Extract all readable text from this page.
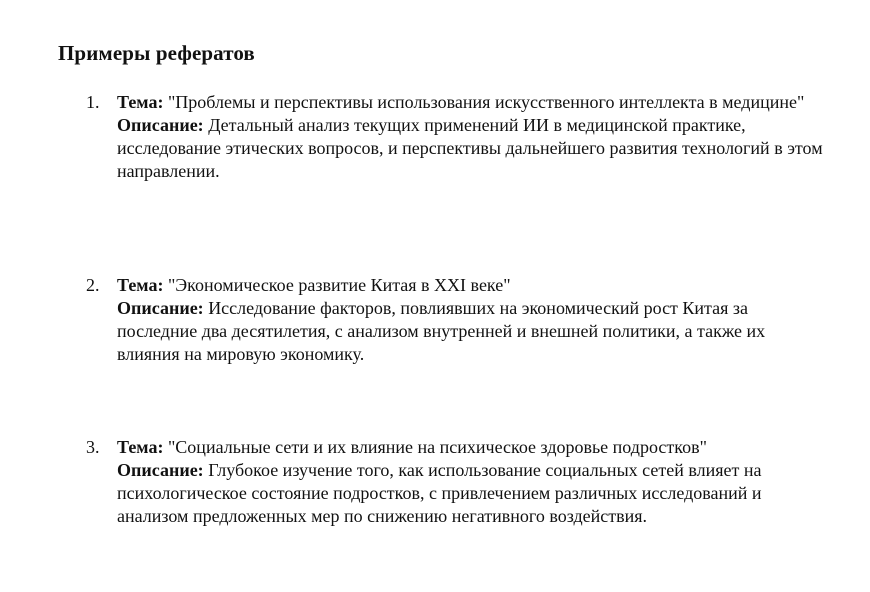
Примеры рефератов
1. Тема: "Проблемы и перспективы использования искусственного интеллекта в медицине"
Описание: Детальный анализ текущих применений ИИ в медицинской практике, исследование этических вопросов, и перспективы дальнейшего развития технологий в этом направлении.
2. Тема: "Экономическое развитие Китая в XXI веке"
Описание: Исследование факторов, повлиявших на экономический рост Китая за последние два десятилетия, с анализом внутренней и внешней политики, а также их влияния на мировую экономику.
3. Тема: "Социальные сети и их влияние на психическое здоровье подростков"
Описание: Глубокое изучение того, как использование социальных сетей влияет на психологическое состояние подростков, с привлечением различных исследований и анализом предложенных мер по снижению негативного воздействия.
